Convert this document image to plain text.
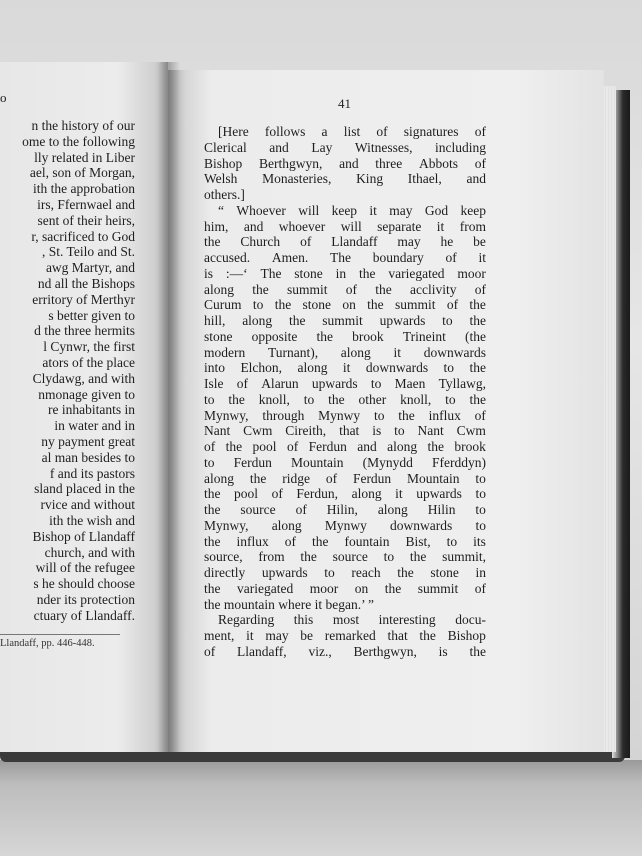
o
n the history of our
ome to the following
lly related in Liber
ael, son of Morgan,
ith the approbation
irs, Ffernwael and
sent of their heirs,
r, sacrificed to God
, St. Teilo and St.
awg Martyr, and
nd all the Bishops
erritory of Merthyr
s better given to
d the three hermits
l Cynwr, the first
ators of the place
Clydawg, and with
nmonage given to
re inhabitants in
in water and in
ny payment great
al man besides to
f and its pastors
sland placed in the
rvice and without
ith the wish and
Bishop of Llandaff
church, and with
will of the refugee
s he should choose
nder its protection
ctuary of Llandaff.
Llandaff, pp. 446-448.
41
[Here follows a list of signatures of
Clerical and Lay Witnesses, including
Bishop Berthgwyn, and three Abbots of
Welsh Monasteries, King Ithael, and
others.]
“ Whoever will keep it may God keep
him, and whoever will separate it from
the Church of Llandaff may he be
accused. Amen. The boundary of it
is :—‘ The stone in the variegated moor
along the summit of the acclivity of
Curum to the stone on the summit of the
hill, along the summit upwards to the
stone opposite the brook Trineint (the
modern Turnant), along it downwards
into Elchon, along it downwards to the
Isle of Alarun upwards to Maen Tyllawg,
to the knoll, to the other knoll, to the
Mynwy, through Mynwy to the influx of
Nant Cwm Cireith, that is to Nant Cwm
of the pool of Ferdun and along the brook
to Ferdun Mountain (Mynydd Fferddyn)
along the ridge of Ferdun Mountain to
the pool of Ferdun, along it upwards to
the source of Hilin, along Hilin to
Mynwy, along Mynwy downwards to
the influx of the fountain Bist, to its
source, from the source to the summit,
directly upwards to reach the stone in
the variegated moor on the summit of
the mountain where it began.’ ”
Regarding this most interesting docu-
ment, it may be remarked that the Bishop
of Llandaff, viz., Berthgwyn, is the
